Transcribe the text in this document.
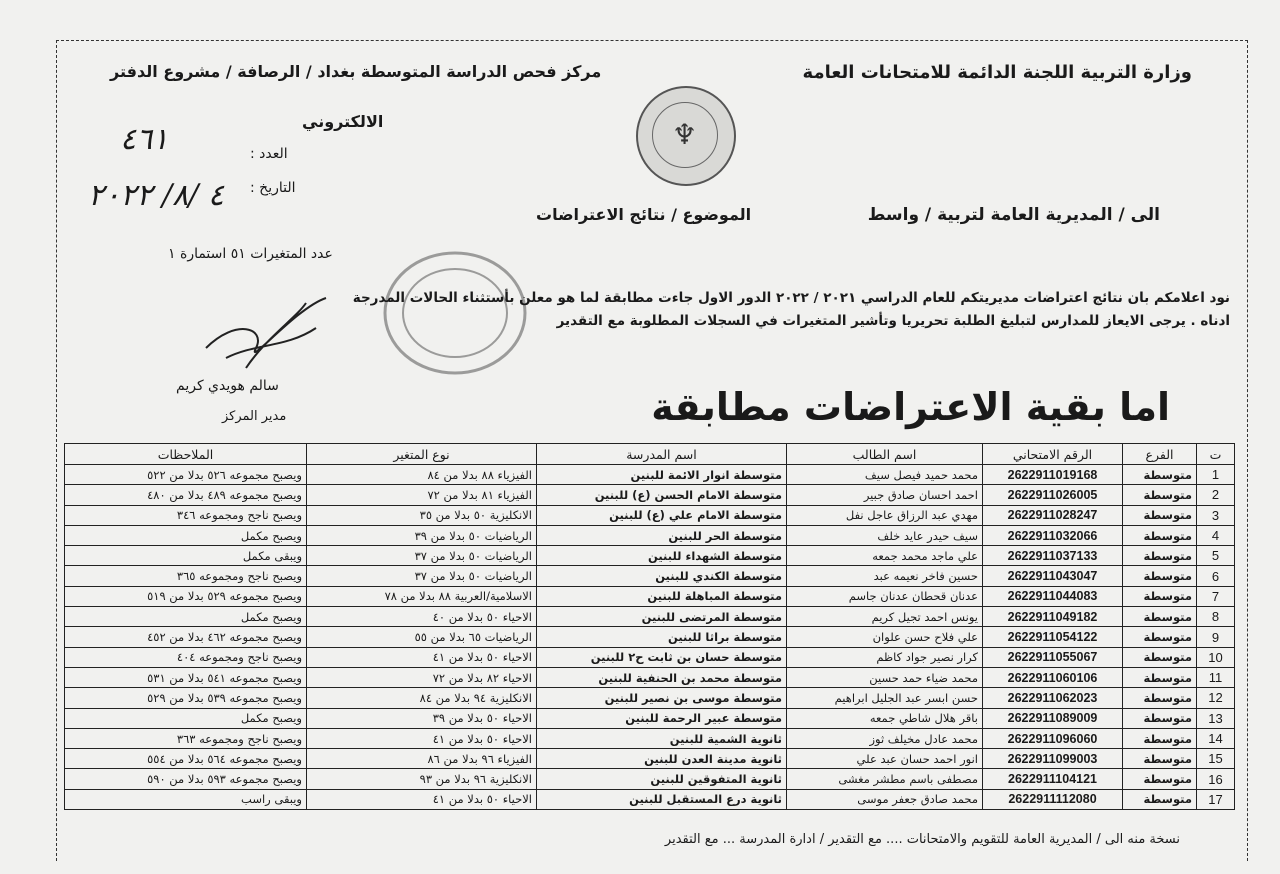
وزارة التربية اللجنة الدائمة للامتحانات العامة
مركز فحص الدراسة المتوسطة بغداد / الرصافة / مشروع الدفتر
الالكتروني	♆
العدد :
٤٦١
التاريخ :
٤ /٨/ ٢٠٢٢
الى / المديرية العامة لتربية / واسط
الموضوع / نتائج الاعتراضات
عدد المتغيرات ٥١ استمارة ١
نود اعلامكم بان نتائج اعتراضات مديريتكم للعام الدراسي ٢٠٢١ / ٢٠٢٢ الدور الاول جاءت مطابقة لما هو معلن بأستثناء الحالات المدرجة
ادناه . يرجى الايعاز للمدارس لتبليغ الطلبة تحريريا وتأشير المتغيرات في السجلات المطلوبة مع التقدير
سالم هويدي كريم
مدير المركز	اما بقية الاعتراضات مطابقة
ت	الفرع	الرقم الامتحاني	اسم الطالب	اسم المدرسة	نوع المتغير	الملاحظات
1	متوسطة	2622911019168	محمد حميد فيصل سيف	متوسطة انوار الائمة للبنين	الفيزياء ٨٨ بدلا من ٨٤	ويصبح مجموعه ٥٢٦ بدلا من ٥٢٢
2	متوسطة	2622911026005	احمد احسان صادق جبير	متوسطة الامام الحسن (ع) للبنين	الفيزياء ٨١ بدلا من ٧٢	ويصبح مجموعه ٤٨٩ بدلا من ٤٨٠
3	متوسطة	2622911028247	مهدي عبد الرزاق عاجل نفل	متوسطة الامام علي (ع) للبنين	الانكليزية ٥٠ بدلا من ٣٥	ويصبح ناجح ومجموعه ٣٤٦
4	متوسطة	2622911032066	سيف حيدر عايد خلف	متوسطة الحر للبنين	الرياضيات ٥٠ بدلا من ٣٩	ويصبح مكمل
5	متوسطة	2622911037133	علي ماجد محمد جمعه	متوسطة الشهداء للبنين	الرياضيات ٥٠ بدلا من ٣٧	ويبقى مكمل
6	متوسطة	2622911043047	حسين فاخر نعيمه عبد	متوسطة الكندي للبنين	الرياضيات ٥٠ بدلا من ٣٧	ويصبح ناجح ومجموعه ٣٦٥
7	متوسطة	2622911044083	عدنان قحطان عدنان جاسم	متوسطة المباهلة للبنين	الاسلامية/العربية ٨٨ بدلا من ٧٨	ويصبح مجموعه ٥٢٩ بدلا من ٥١٩
8	متوسطة	2622911049182	يونس احمد تجيل كريم	متوسطة المرتضى للبنين	الاحياء ٥٠ بدلا من ٤٠	ويصبح مكمل
9	متوسطة	2622911054122	علي فلاح حسن علوان	متوسطة براثا للبنين	الرياضيات ٦٥ بدلا من ٥٥	ويصبح مجموعه ٤٦٢ بدلا من ٤٥٢
10	متوسطة	2622911055067	كرار نصير جواد كاظم	متوسطة حسان بن ثابت ح٢ للبنين	الاحياء ٥٠ بدلا من ٤١	ويصبح ناجح ومجموعه ٤٠٤
11	متوسطة	2622911060106	محمد ضياء حمد حسين	متوسطة محمد بن الحنفية للبنين	الاحياء ٨٢ بدلا من ٧٢	ويصبح مجموعه ٥٤١ بدلا من ٥٣١
12	متوسطة	2622911062023	حسن ابسر عبد الجليل ابراهيم	متوسطة موسى بن نصير للبنين	الانكليزية ٩٤ بدلا من ٨٤	ويصبح مجموعه ٥٣٩ بدلا من ٥٢٩
13	متوسطة	2622911089009	باقر هلال شاطي جمعه	متوسطة عبير الرحمة للبنين	الاحياء ٥٠ بدلا من ٣٩	ويصبح مكمل
14	متوسطة	2622911096060	محمد عادل مخيلف ثوز	ثانوية الشمية للبنين	الاحياء ٥٠ بدلا من ٤١	ويصبح ناجح ومجموعه ٣٦٣
15	متوسطة	2622911099003	انور احمد حسان عبد علي	ثانوية مدينة العدن للبنين	الفيزياء ٩٦ بدلا من ٨٦	ويصبح مجموعه ٥٦٤ بدلا من ٥٥٤
16	متوسطة	2622911104121	مصطفى باسم مطشر مغشى	ثانوية المتفوقين للبنين	الانكليزية ٩٦ بدلا من ٩٣	ويصبح مجموعه ٥٩٣ بدلا من ٥٩٠
17	متوسطة	2622911112080	محمد صادق جعفر موسى	ثانوية درع المستقبل للبنين	الاحياء ٥٠ بدلا من ٤١	ويبقى راسب
نسخة منه الى / المديرية العامة للتقويم والامتحانات .... مع التقدير / ادارة المدرسة ... مع التقدير
